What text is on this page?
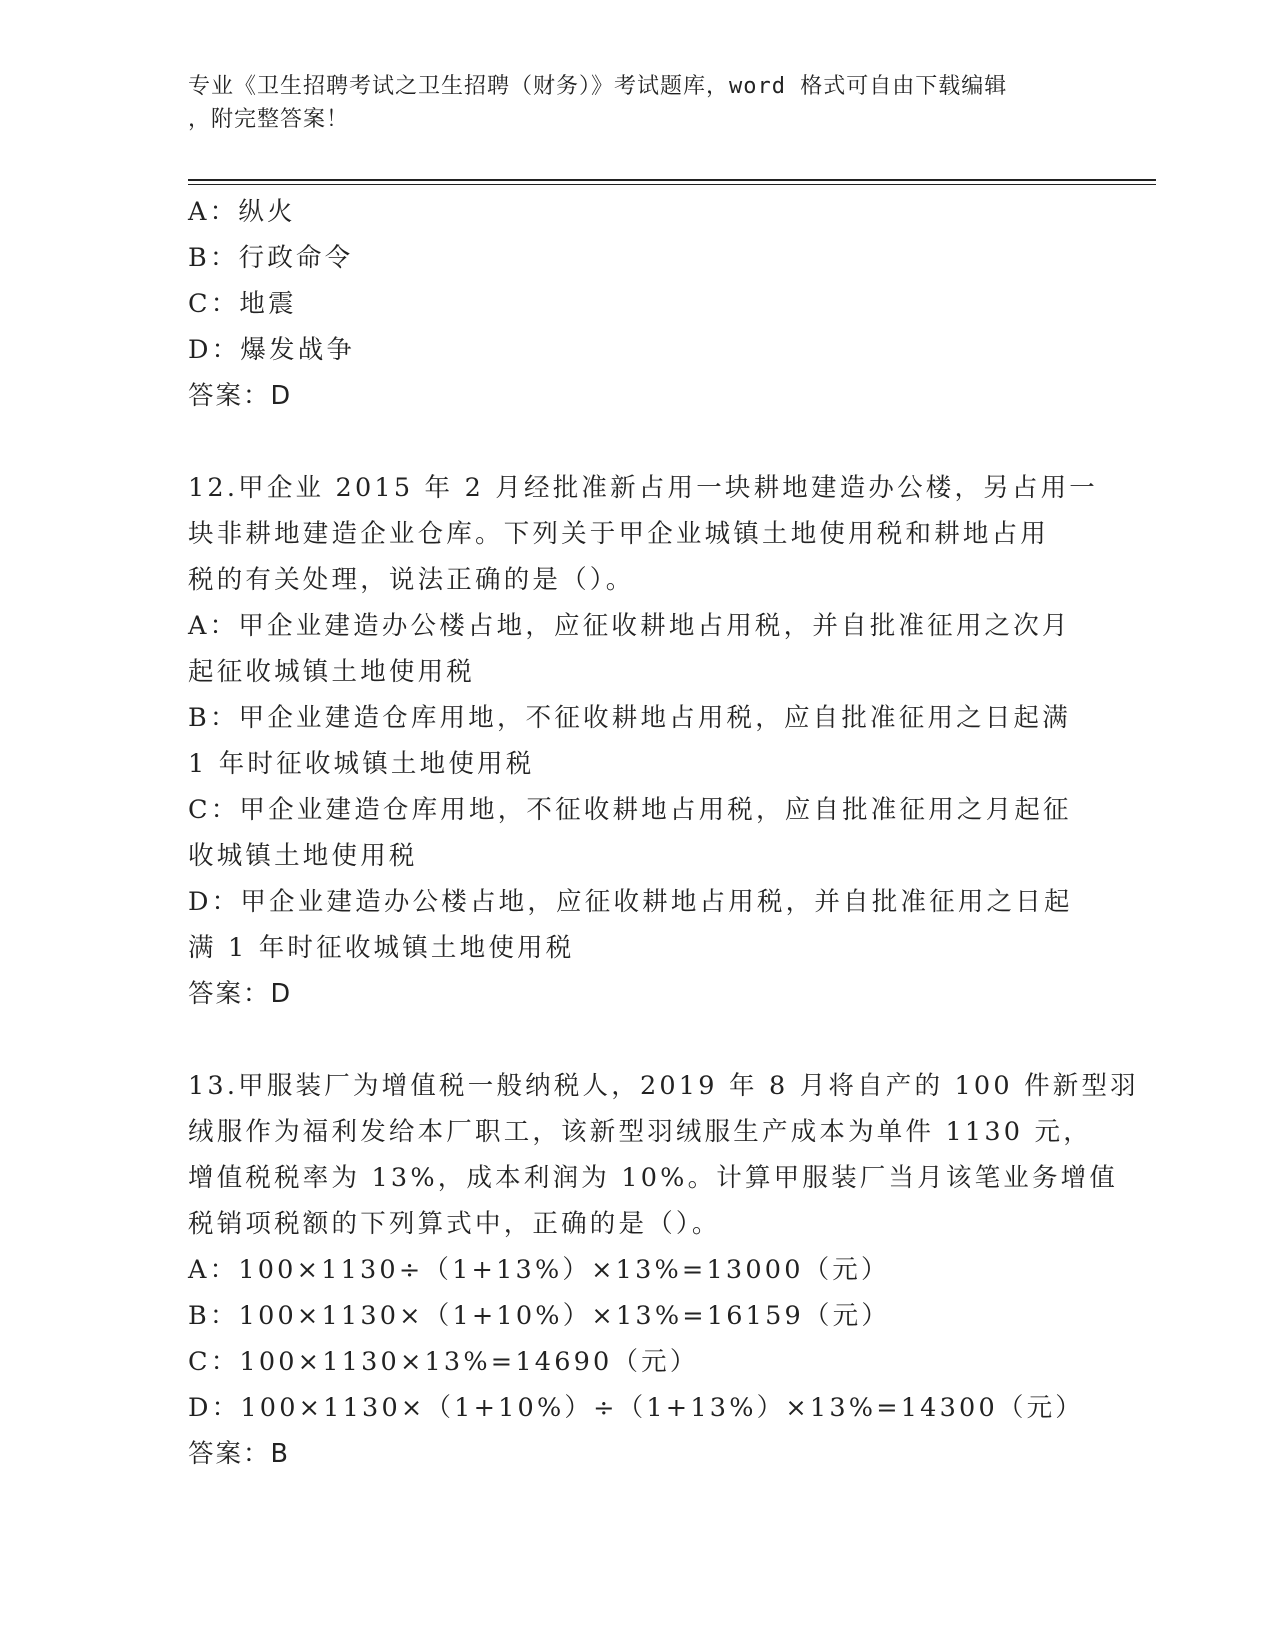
专业《卫生招聘考试之卫生招聘（财务）》考试题库，word 格式可自由下载编辑
，附完整答案！
A：纵火
B：行政命令
C：地震
D：爆发战争
答案：D
12.甲企业 2015 年 2 月经批准新占用一块耕地建造办公楼，另占用一
块非耕地建造企业仓库。下列关于甲企业城镇土地使用税和耕地占用
税的有关处理，说法正确的是（）。
A：甲企业建造办公楼占地，应征收耕地占用税，并自批准征用之次月
起征收城镇土地使用税
B：甲企业建造仓库用地，不征收耕地占用税，应自批准征用之日起满
1 年时征收城镇土地使用税
C：甲企业建造仓库用地，不征收耕地占用税，应自批准征用之月起征
收城镇土地使用税
D：甲企业建造办公楼占地，应征收耕地占用税，并自批准征用之日起
满 1 年时征收城镇土地使用税
答案：D
13.甲服装厂为增值税一般纳税人，2019 年 8 月将自产的 100 件新型羽
绒服作为福利发给本厂职工，该新型羽绒服生产成本为单件 1130 元，
增值税税率为 13%，成本利润为 10%。计算甲服装厂当月该笔业务增值
税销项税额的下列算式中，正确的是（）。
A：100×1130÷（1+13%）×13%=13000（元）
B：100×1130×（1+10%）×13%=16159（元）
C：100×1130×13%=14690（元）
D：100×1130×（1+10%）÷（1+13%）×13%=14300（元）
答案：B
